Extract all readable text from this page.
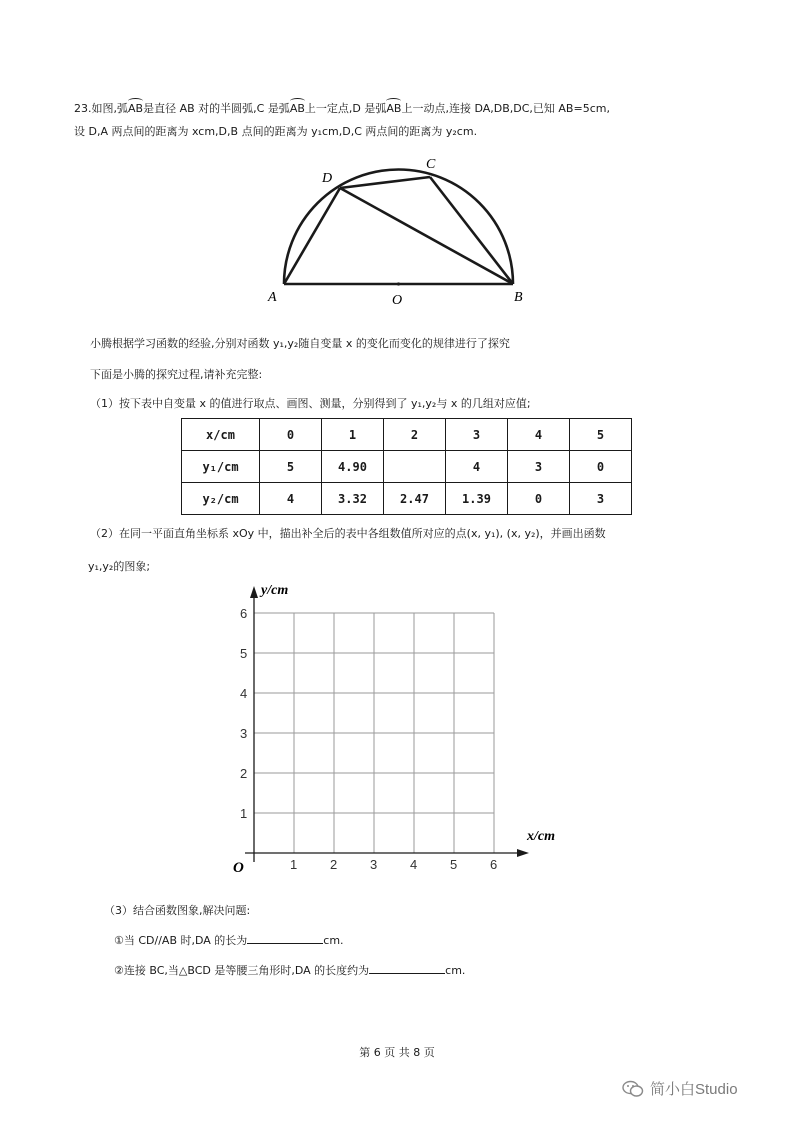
23.如图,弧AB是直径 AB 对的半圆弧,C 是弧AB上一定点,D 是弧AB上一动点,连接 DA,DB,DC,已知 AB=5cm,
设 D,A 两点间的距离为 xcm,D,B 点间的距离为 y₁cm,D,C 两点间的距离为 y₂cm.
A	B
O
D
C
小腾根据学习函数的经验,分别对函数 y₁,y₂随自变量 x 的变化而变化的规律进行了探究
下面是小腾的探究过程,请补充完整:
（1）按下表中自变量 x 的值进行取点、画图、测量，分别得到了 y₁,y₂与 x 的几组对应值;
x/cm	0	1	2	3	4	5
y₁/cm	5	4.90		4	3	0
y₂/cm	4	3.32	2.47	1.39	0	3
（2）在同一平面直角坐标系 xOy 中，描出补全后的表中各组数值所对应的点(x, y₁), (x, y₂)，并画出函数
y₁,y₂的图象;
y/cm
x/cm
O	1	2	3	4	5	6
1
2
3
4
5
6
（3）结合函数图象,解决问题:
①当 CD//AB 时,DA 的长为	cm.
②连接 BC,当△BCD 是等腰三角形时,DA 的长度约为	cm.
第 6 页 共 8 页
简小白Studio
